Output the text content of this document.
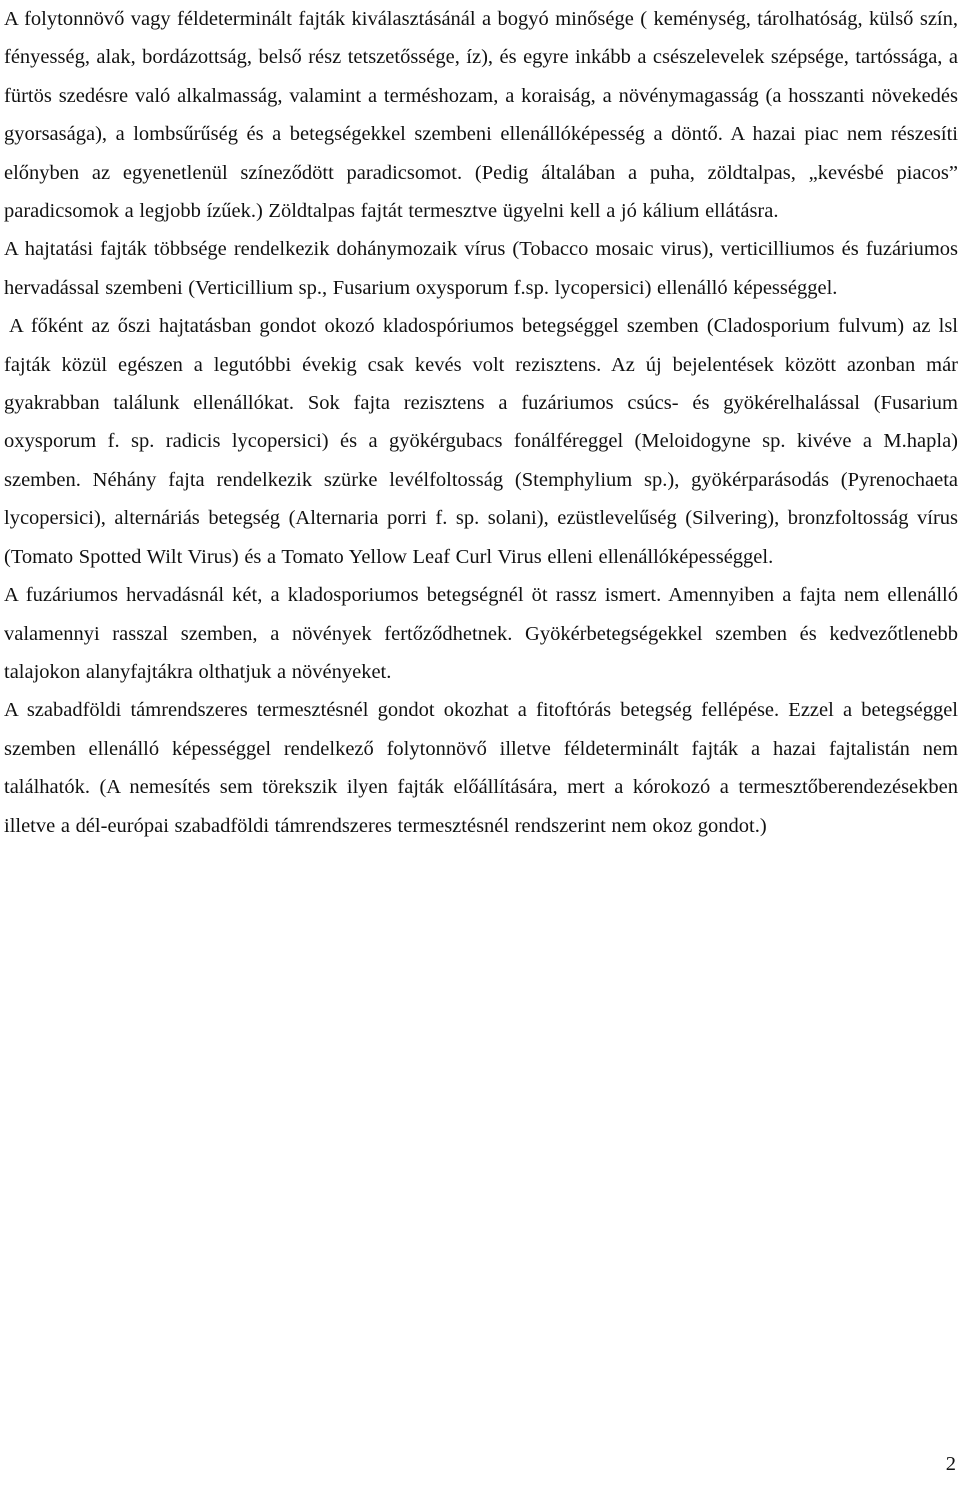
A folytonnövő vagy féldeterminált fajták kiválasztásánál a bogyó minősége ( keménység, tárolhatóság, külső szín, fényesség, alak, bordázottság, belső rész tetszetőssége, íz), és egyre inkább a csészelevelek szépsége, tartóssága, a fürtös szedésre való alkalmasság, valamint a terméshozam, a koraiság, a növénymagasság (a hosszanti növekedés gyorsasága), a lombsűrűség és a betegségekkel szembeni ellenállóképesség a döntő. A hazai piac nem részesíti előnyben az egyenetlenül színeződött paradicsomot. (Pedig általában a puha, zöldtalpas, „kevésbé piacos” paradicsomok a legjobb ízűek.) Zöldtalpas fajtát termesztve ügyelni kell a jó kálium ellátásra.

A hajtatási fajták többsége rendelkezik dohánymozaik vírus (Tobacco mosaic virus), verticilliumos és fuzáriumos hervadással szembeni (Verticillium sp., Fusarium oxysporum f.sp. lycopersici) ellenálló képességgel.

A főként az őszi hajtatásban gondot okozó kladospóriumos betegséggel szemben (Cladosporium fulvum) az lsl fajták közül egészen a legutóbbi évekig csak kevés volt rezisztens. Az új bejelentések között azonban már gyakrabban találunk ellenállókat. Sok fajta rezisztens a fuzáriumos csúcs- és gyökérelhalással (Fusarium oxysporum f. sp. radicis lycopersici) és a gyökérgubacs fonálféreggel (Meloidogyne sp. kivéve a M.hapla) szemben. Néhány fajta rendelkezik szürke levélfoltosság (Stemphylium sp.), gyökérparásodás (Pyrenochaeta lycopersici), alternáriás betegség (Alternaria porri f. sp. solani), ezüstlevelűség (Silvering), bronzfoltosság vírus (Tomato Spotted Wilt Virus) és a Tomato Yellow Leaf Curl Virus elleni ellenállóképességgel.

A fuzáriumos hervadásnál két, a kladosporiumos betegségnél öt rassz ismert. Amennyiben a fajta nem ellenálló valamennyi rasszal szemben, a növények fertőződhetnek. Gyökérbetegségekkel szemben és kedvezőtlenebb talajokon alanyfajtákra olthatjuk a növényeket.

A szabadföldi támrendszeres termesztésnél gondot okozhat a fitoftórás betegség fellépése. Ezzel a betegséggel szemben ellenálló képességgel rendelkező folytonnövő illetve féldeterminált fajták a hazai fajtalistán nem találhatók. (A nemesítés sem törekszik ilyen fajták előállítására, mert a kórokozó a termesztőberendezésekben illetve a dél-európai szabadföldi támrendszeres termesztésnél rendszerint nem okoz gondot.)

2
